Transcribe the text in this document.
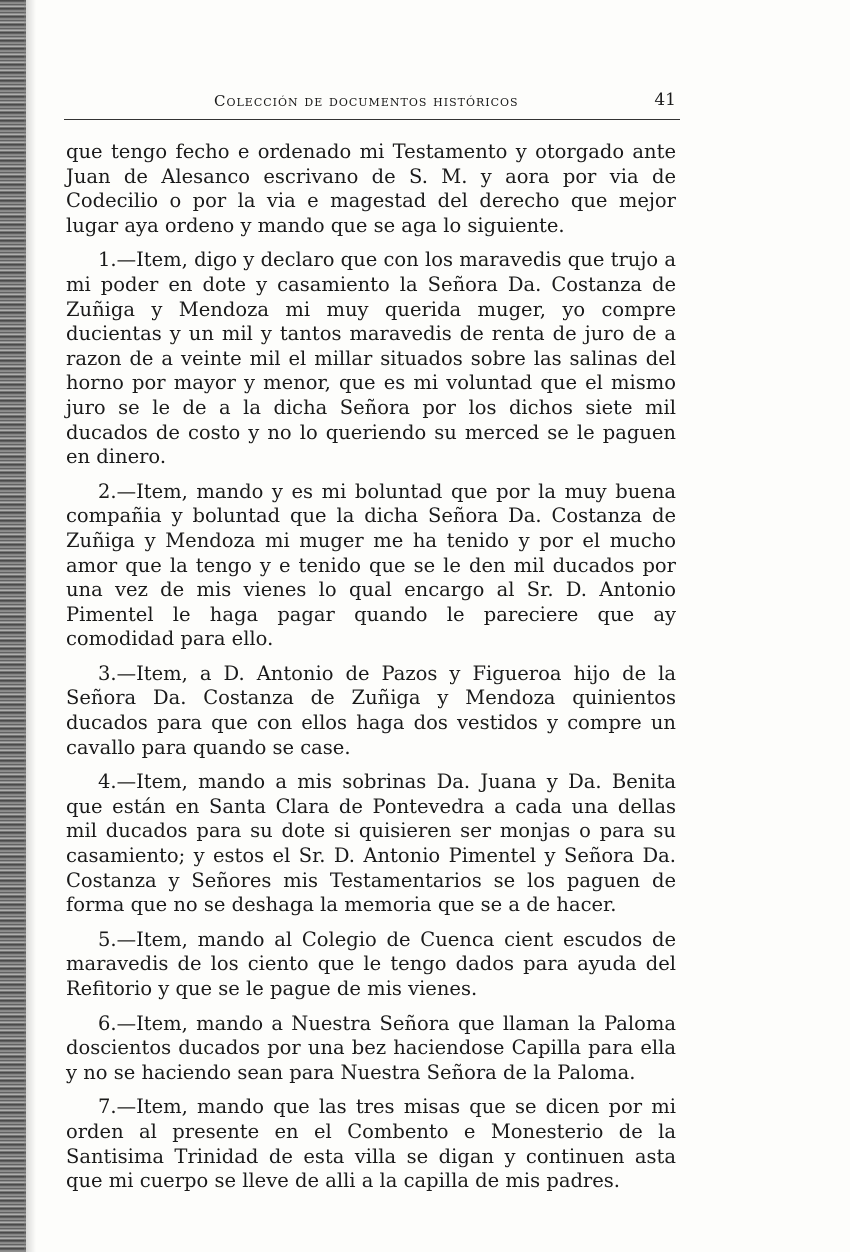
Colección de documentos históricos	41

que tengo fecho e ordenado mi Testamento y otorgado ante Juan de Alesanco escrivano de S. M. y aora por via de Codecilio o por la via e magestad del derecho que mejor lugar aya ordeno y mando que se aga lo siguiente.

1.—Item, digo y declaro que con los maravedis que trujo a mi poder en dote y casamiento la Señora Da. Costanza de Zuñiga y Mendoza mi muy querida muger, yo compre ducientas y un mil y tantos maravedis de renta de juro de a razon de a veinte mil el millar situados sobre las salinas del horno por mayor y menor, que es mi voluntad que el mismo juro se le de a la dicha Señora por los dichos siete mil ducados de costo y no lo queriendo su merced se le paguen en dinero.

2.—Item, mando y es mi boluntad que por la muy buena compañia y boluntad que la dicha Señora Da. Costanza de Zuñiga y Mendoza mi muger me ha tenido y por el mucho amor que la tengo y e tenido que se le den mil ducados por una vez de mis vienes lo qual encargo al Sr. D. Antonio Pimentel le haga pagar quando le pareciere que ay comodidad para ello.

3.—Item, a D. Antonio de Pazos y Figueroa hijo de la Señora Da. Costanza de Zuñiga y Mendoza quinientos ducados para que con ellos haga dos vestidos y compre un cavallo para quando se case.

4.—Item, mando a mis sobrinas Da. Juana y Da. Benita que están en Santa Clara de Pontevedra a cada una dellas mil ducados para su dote si quisieren ser monjas o para su casamiento; y estos el Sr. D. Antonio Pimentel y Señora Da. Costanza y Señores mis Testamentarios se los paguen de forma que no se deshaga la memoria que se a de hacer.

5.—Item, mando al Colegio de Cuenca cient escudos de maravedis de los ciento que le tengo dados para ayuda del Refitorio y que se le pague de mis vienes.

6.—Item, mando a Nuestra Señora que llaman la Paloma doscientos ducados por una bez haciendose Capilla para ella y no se haciendo sean para Nuestra Señora de la Paloma.

7.—Item, mando que las tres misas que se dicen por mi orden al presente en el Combento e Monesterio de la Santisima Trinidad de esta villa se digan y continuen asta que mi cuerpo se lleve de alli a la capilla de mis padres.
